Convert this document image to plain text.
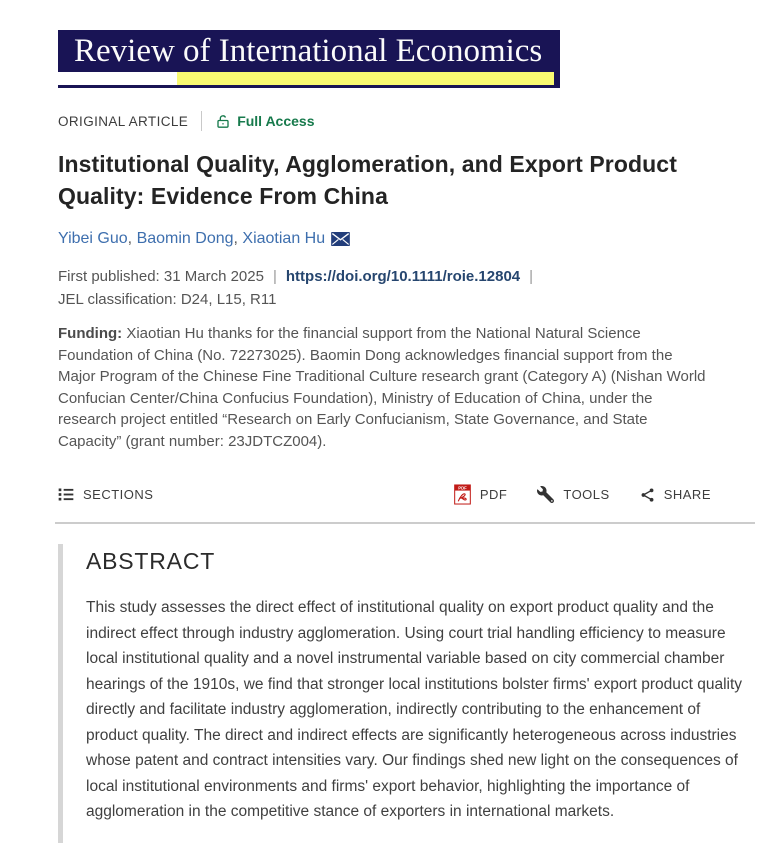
Review of International Economics
ORIGINAL ARTICLE	Full Access
Institutional Quality, Agglomeration, and Export Product Quality: Evidence From China
Yibei Guo , Baomin Dong , Xiaotian Hu
First published:
31 March 2025 | https://doi.org/10.1111/roie.12804 |
JEL classification:
D24, L15, R11

Funding: Xiaotian Hu thanks for the financial support from the National Natural Science Foundation of China (No. 72273025). Baomin Dong acknowledges financial support from the Major Program of the Chinese Fine Traditional Culture research grant (Category A) (Nishan World Confucian Center/China Confucius Foundation), Ministry of Education of China, under the research project entitled “Research on Early Confucianism, State Governance, and State Capacity” (grant number: 23JDTCZ004).

SECTIONS	PDF PDF	TOOLS	SHARE
ABSTRACT

This study assesses the direct effect of institutional quality on export product quality and the indirect effect through industry agglomeration. Using court trial handling efficiency to measure local institutional quality and a novel instrumental variable based on city commercial chamber hearings of the 1910s, we find that stronger local institutions bolster firms' export product quality directly and facilitate industry agglomeration, indirectly contributing to the enhancement of product quality. The direct and indirect effects are significantly heterogeneous across industries whose patent and contract intensities vary. Our findings shed new light on the consequences of local institutional environments and firms' export behavior, highlighting the importance of agglomeration in the competitive stance of exporters in international markets.
